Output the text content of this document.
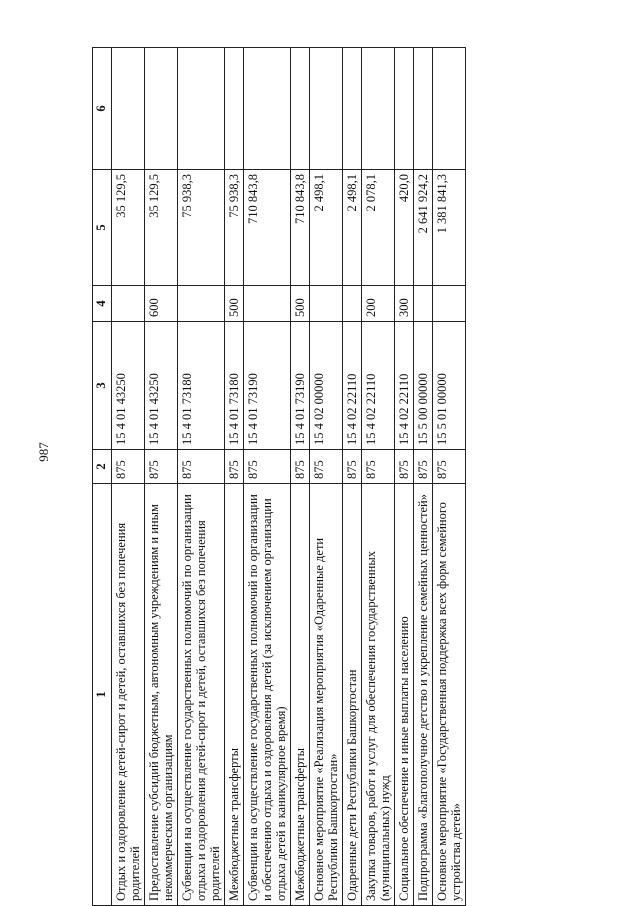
987
1	2	3	4	5	6
Отдых и оздоровление детей-сирот и детей, оставшихся без попечения родителей	875	15 4 01 43250		35 129,5	
Предоставление субсидий бюджетным, автономным учреждениям и иным некоммерческим организациям	875	15 4 01 43250	600	35 129,5	
Субвенции на осуществление государственных полномочий по организации отдыха и оздоровления детей-сирот и детей, оставшихся без попечения родителей	875	15 4 01 73180		75 938,3	
Межбюджетные трансферты	875	15 4 01 73180	500	75 938,3	
Субвенции на осуществление государственных полномочий по организации и обеспечению отдыха и оздоровления детей (за исключением организации отдыха детей в каникулярное время)	875	15 4 01 73190		710 843,8	
Межбюджетные трансферты	875	15 4 01 73190	500	710 843,8	
Основное мероприятие «Реализация мероприятия «Одаренные дети Республики Башкортостан»	875	15 4 02 00000		2 498,1	
Одаренные дети Республики Башкортостан	875	15 4 02 22110		2 498,1	
Закупка товаров, работ и услуг для обеспечения государственных (муниципальных) нужд	875	15 4 02 22110	200	2 078,1	
Социальное обеспечение и иные выплаты населению	875	15 4 02 22110	300	420,0	
Подпрограмма «Благополучное детство и укрепление семейных ценностей»	875	15 5 00 00000		2 641 924,2	
Основное мероприятие «Государственная поддержка всех форм семейного устройства детей»	875	15 5 01 00000		1 381 841,3	
